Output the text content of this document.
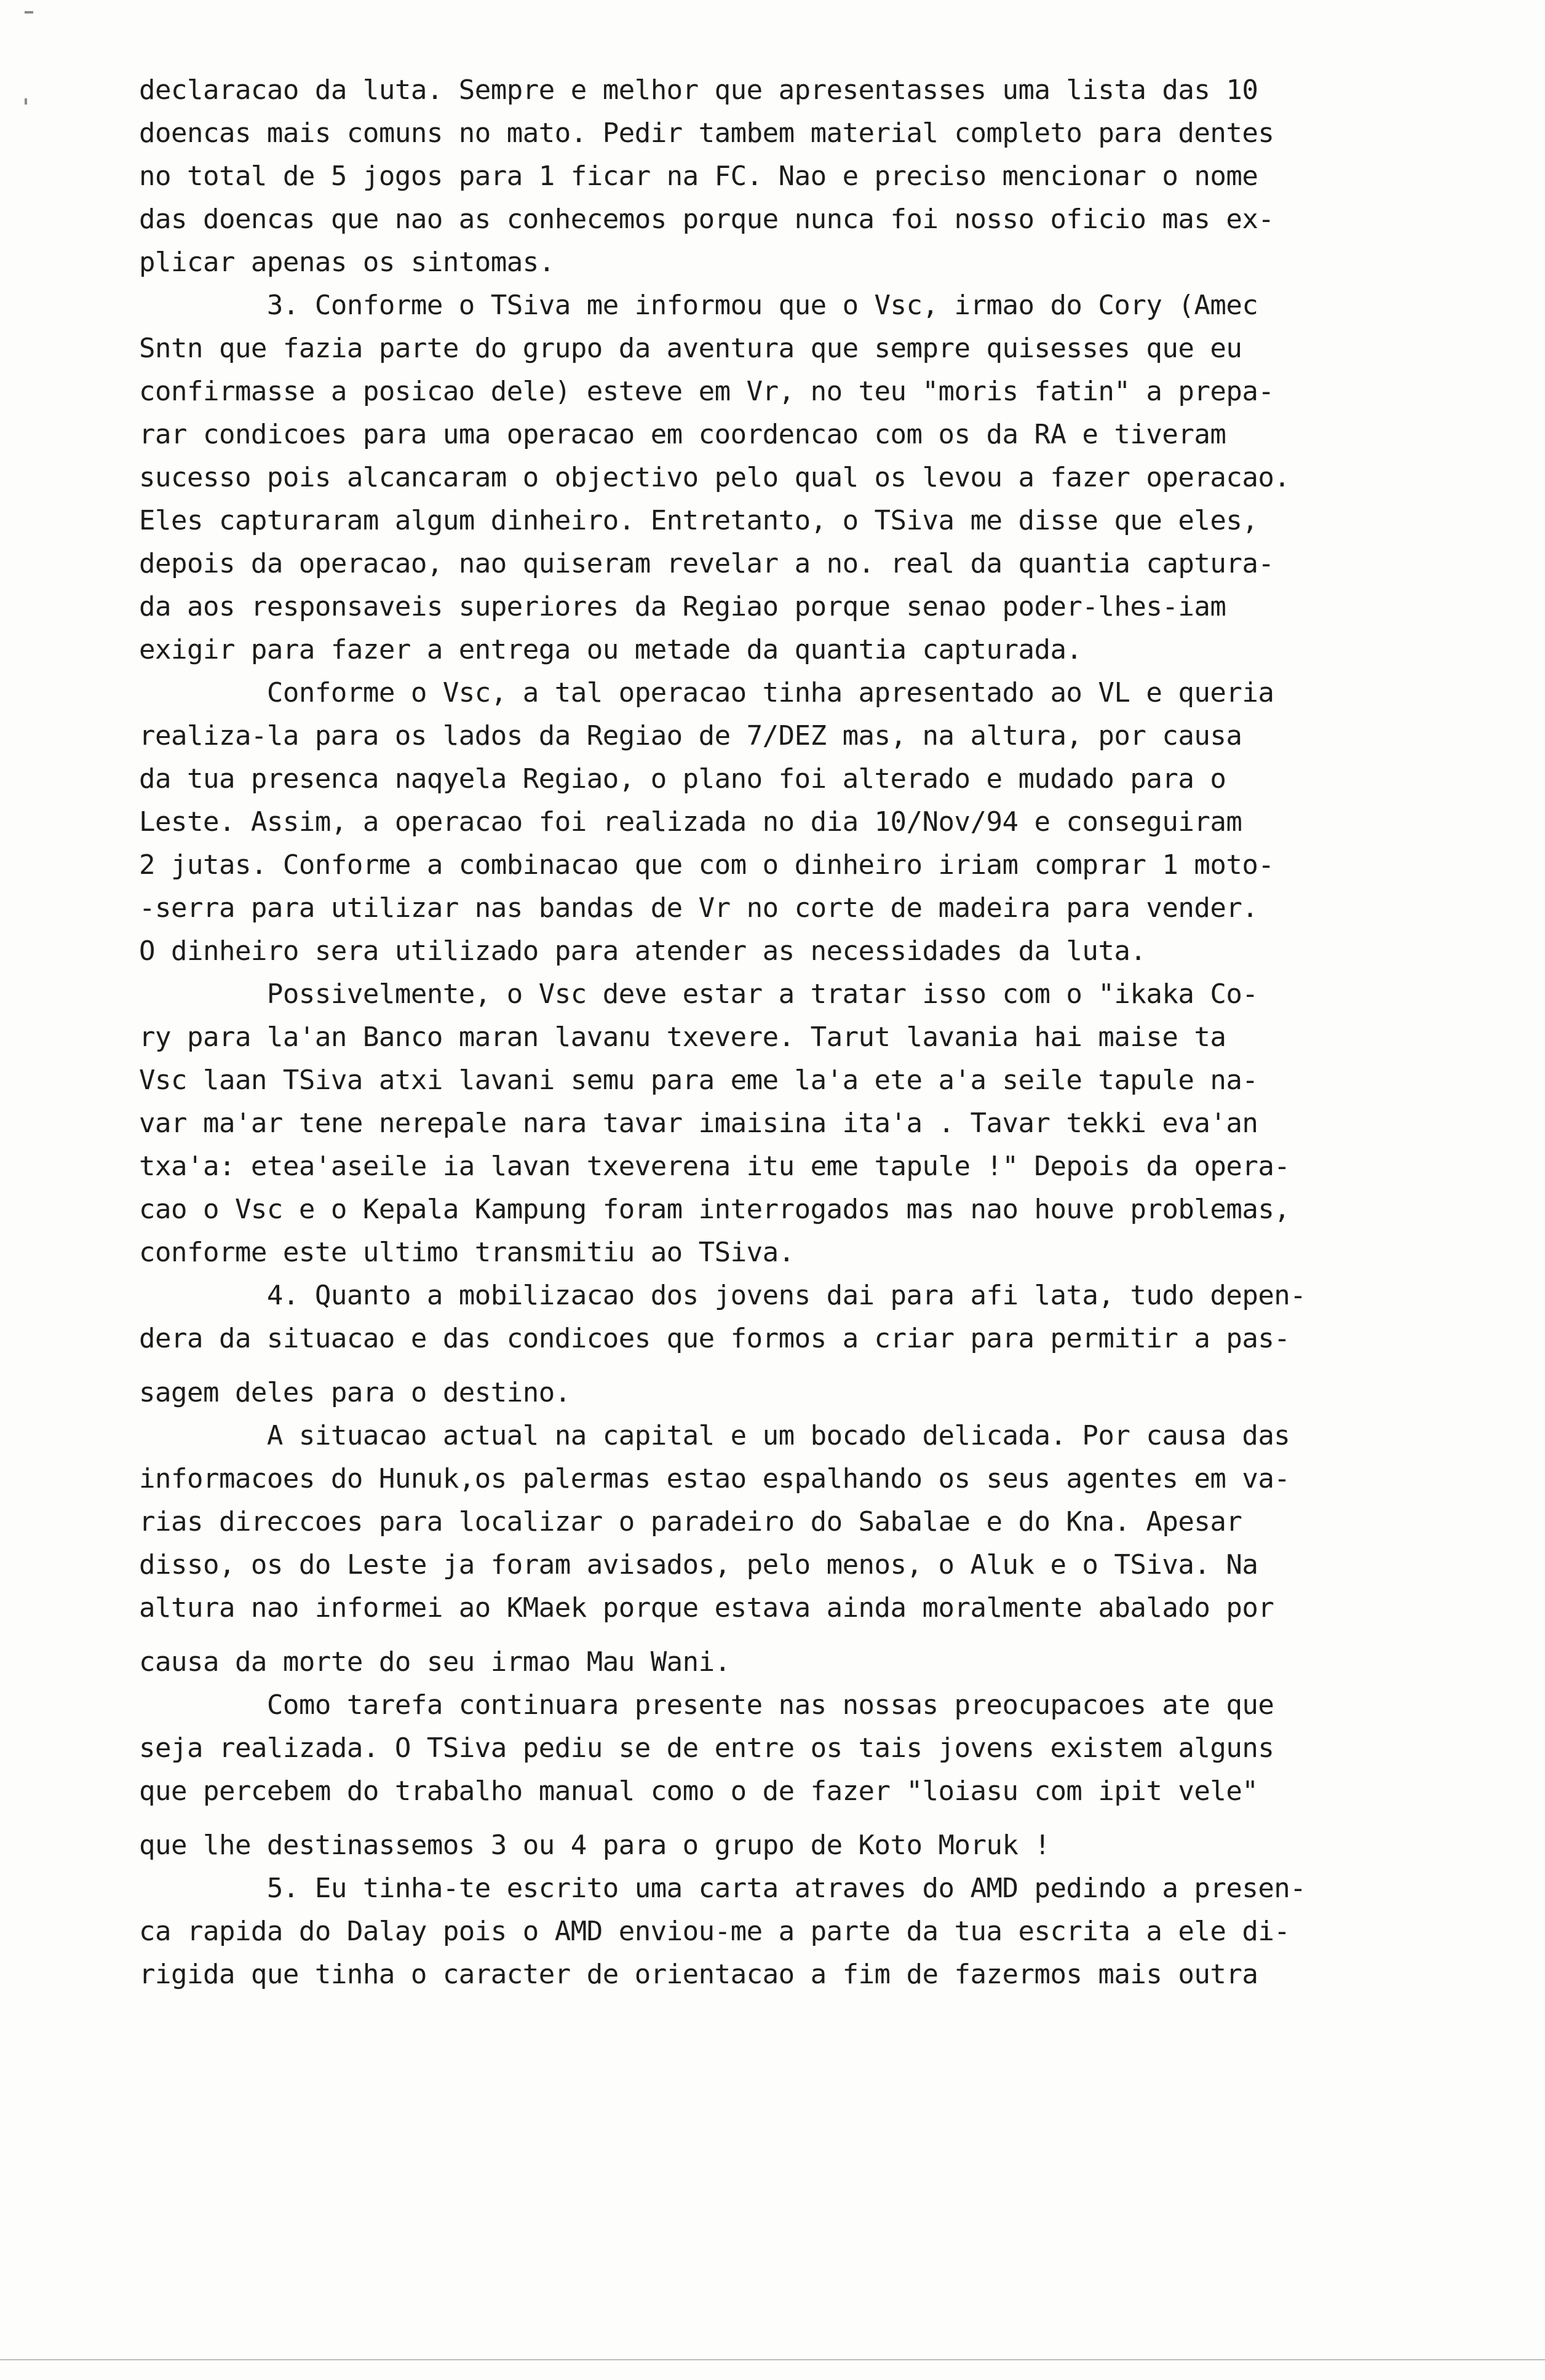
declaracao da luta. Sempre e melhor que apresentasses uma lista das 10
doencas mais comuns no mato. Pedir tambem material completo para dentes
no total de 5 jogos para 1 ficar na FC. Nao e preciso mencionar o nome
das doencas que nao as conhecemos porque nunca foi nosso oficio mas ex-
plicar apenas os sintomas.
3. Conforme o TSiva me informou que o Vsc, irmao do Cory (Amec
Sntn que fazia parte do grupo da aventura que sempre quisesses que eu
confirmasse a posicao dele) esteve em Vr, no teu "moris fatin" a prepa-
rar condicoes para uma operacao em coordencao com os da RA e tiveram
sucesso pois alcancaram o objectivo pelo qual os levou a fazer operacao.
Eles capturaram algum dinheiro. Entretanto, o TSiva me disse que eles,
depois da operacao, nao quiseram revelar a no. real da quantia captura-
da aos responsaveis superiores da Regiao porque senao poder-lhes-iam
exigir para fazer a entrega ou metade da quantia capturada.
Conforme o Vsc, a tal operacao tinha apresentado ao VL e queria
realiza-la para os lados da Regiao de 7/DEZ mas, na altura, por causa
da tua presenca naqyela Regiao, o plano foi alterado e mudado para o
Leste. Assim, a operacao foi realizada no dia 10/Nov/94 e conseguiram
2 jutas. Conforme a combinacao que com o dinheiro iriam comprar 1 moto-
-serra para utilizar nas bandas de Vr no corte de madeira para vender.
O dinheiro sera utilizado para atender as necessidades da luta.
Possivelmente, o Vsc deve estar a tratar isso com o "ikaka Co-
ry para la'an Banco maran lavanu txevere. Tarut lavania hai maise ta
Vsc laan TSiva atxi lavani semu para eme la'a ete a'a seile tapule na-
var ma'ar tene nerepale nara tavar imaisina ita'a . Tavar tekki eva'an
txa'a: etea'aseile ia lavan txeverena itu eme tapule !" Depois da opera-
cao o Vsc e o Kepala Kampung foram interrogados mas nao houve problemas,
conforme este ultimo transmitiu ao TSiva.
4. Quanto a mobilizacao dos jovens dai para afi lata, tudo depen-
dera da situacao e das condicoes que formos a criar para permitir a pas-
sagem deles para o destino.
A situacao actual na capital e um bocado delicada. Por causa das
informacoes do Hunuk,os palermas estao espalhando os seus agentes em va-
rias direccoes para localizar o paradeiro do Sabalae e do Kna. Apesar
disso, os do Leste ja foram avisados, pelo menos, o Aluk e o TSiva. Na
altura nao informei ao KMaek porque estava ainda moralmente abalado por
causa da morte do seu irmao Mau Wani.
Como tarefa continuara presente nas nossas preocupacoes ate que
seja realizada. O TSiva pediu se de entre os tais jovens existem alguns
que percebem do trabalho manual como o de fazer "loiasu com ipit vele"
que lhe destinassemos 3 ou 4 para o grupo de Koto Moruk !
5. Eu tinha-te escrito uma carta atraves do AMD pedindo a presen-
ca rapida do Dalay pois o AMD enviou-me a parte da tua escrita a ele di-
rigida que tinha o caracter de orientacao a fim de fazermos mais outra
